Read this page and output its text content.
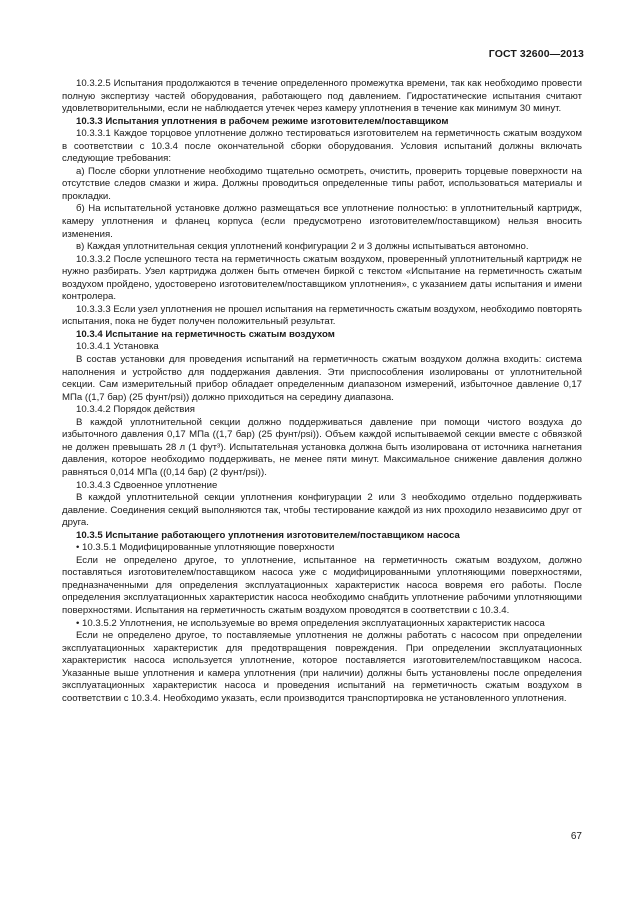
ГОСТ 32600—2013

10.3.2.5 Испытания продолжаются в течение определенного промежутка времени, так как необходимо провести полную экспертизу частей оборудования, работающего под давлением. Гидростатические испытания считают удовлетворительными, если не наблюдается утечек через камеру уплотнения в течение как минимум 30 минут.

10.3.3 Испытания уплотнения в рабочем режиме изготовителем/поставщиком

10.3.3.1 Каждое торцовое уплотнение должно тестироваться изготовителем на герметичность сжатым воздухом в соответствии с 10.3.4 после окончательной сборки оборудования. Условия испытаний должны включать следующие требования:

а) После сборки уплотнение необходимо тщательно осмотреть, очистить, проверить торцевые поверхности на отсутствие следов смазки и жира. Должны проводиться определенные типы работ, использоваться материалы и прокладки.

б) На испытательной установке должно размещаться все уплотнение полностью: в уплотнительный картридж, камеру уплотнения и фланец корпуса (если предусмотрено изготовителем/поставщиком) нельзя вносить изменения.

в) Каждая уплотнительная секция уплотнений конфигурации 2 и 3 должны испытываться автономно.

10.3.3.2 После успешного теста на герметичность сжатым воздухом, проверенный уплотнительный картридж не нужно разбирать. Узел картриджа должен быть отмечен биркой с текстом «Испытание на герметичность сжатым воздухом пройдено, удостоверено изготовителем/поставщиком уплотнения», с указанием даты испытания и имени контролера.

10.3.3.3 Если узел уплотнения не прошел испытания на герметичность сжатым воздухом, необходимо повторять испытания, пока не будет получен положительный результат.

10.3.4 Испытание на герметичность сжатым воздухом

10.3.4.1 Установка

В состав установки для проведения испытаний на герметичность сжатым воздухом должна входить: система наполнения и устройство для поддержания давления. Эти приспособления изолированы от уплотнительной секции. Сам измерительный прибор обладает определенным диапазоном измерений, избыточное давление 0,17 МПа ((1,7 бар) (25 фунт/psi)) должно приходиться на середину диапазона.

10.3.4.2 Порядок действия

В каждой уплотнительной секции должно поддерживаться давление при помощи чистого воздуха до избыточного давления 0,17 МПа ((1,7 бар) (25 фунт/psi)). Объем каждой испытываемой секции вместе с обвязкой не должен превышать 28 л (1 фут³). Испытательная установка должна быть изолирована от источника нагнетания давления, которое необходимо поддерживать, не менее пяти минут. Максимальное снижение давления должно равняться 0,014 МПа ((0,14 бар) (2 фунт/psi)).

10.3.4.3 Сдвоенное уплотнение

В каждой уплотнительной секции уплотнения конфигурации 2 или 3 необходимо отдельно поддерживать давление. Соединения секций выполняются так, чтобы тестирование каждой из них проходило независимо друг от друга.

10.3.5 Испытание работающего уплотнения изготовителем/поставщиком насоса

• 10.3.5.1 Модифицированные уплотняющие поверхности

Если не определено другое, то уплотнение, испытанное на герметичность сжатым воздухом, должно поставляться изготовителем/поставщиком насоса уже с модифицированными уплотняющими поверхностями, предназначенными для определения эксплуатационных характеристик насоса вовремя его работы. После определения эксплуатационных характеристик насоса необходимо снабдить уплотнение рабочими уплотняющими поверхностями. Испытания на герметичность сжатым воздухом проводятся в соответствии с 10.3.4.

• 10.3.5.2 Уплотнения, не используемые во время определения эксплуатационных характеристик насоса

Если не определено другое, то поставляемые уплотнения не должны работать с насосом при определении эксплуатационных характеристик для предотвращения повреждения. При определении эксплуатационных характеристик насоса используется уплотнение, которое поставляется изготовителем/поставщиком насоса. Указанные выше уплотнения и камера уплотнения (при наличии) должны быть установлены после определения эксплуатационных характеристик насоса и проведения испытаний на герметичность сжатым воздухом в соответствии с 10.3.4. Необходимо указать, если производится транспортировка не установленного уплотнения.

67
